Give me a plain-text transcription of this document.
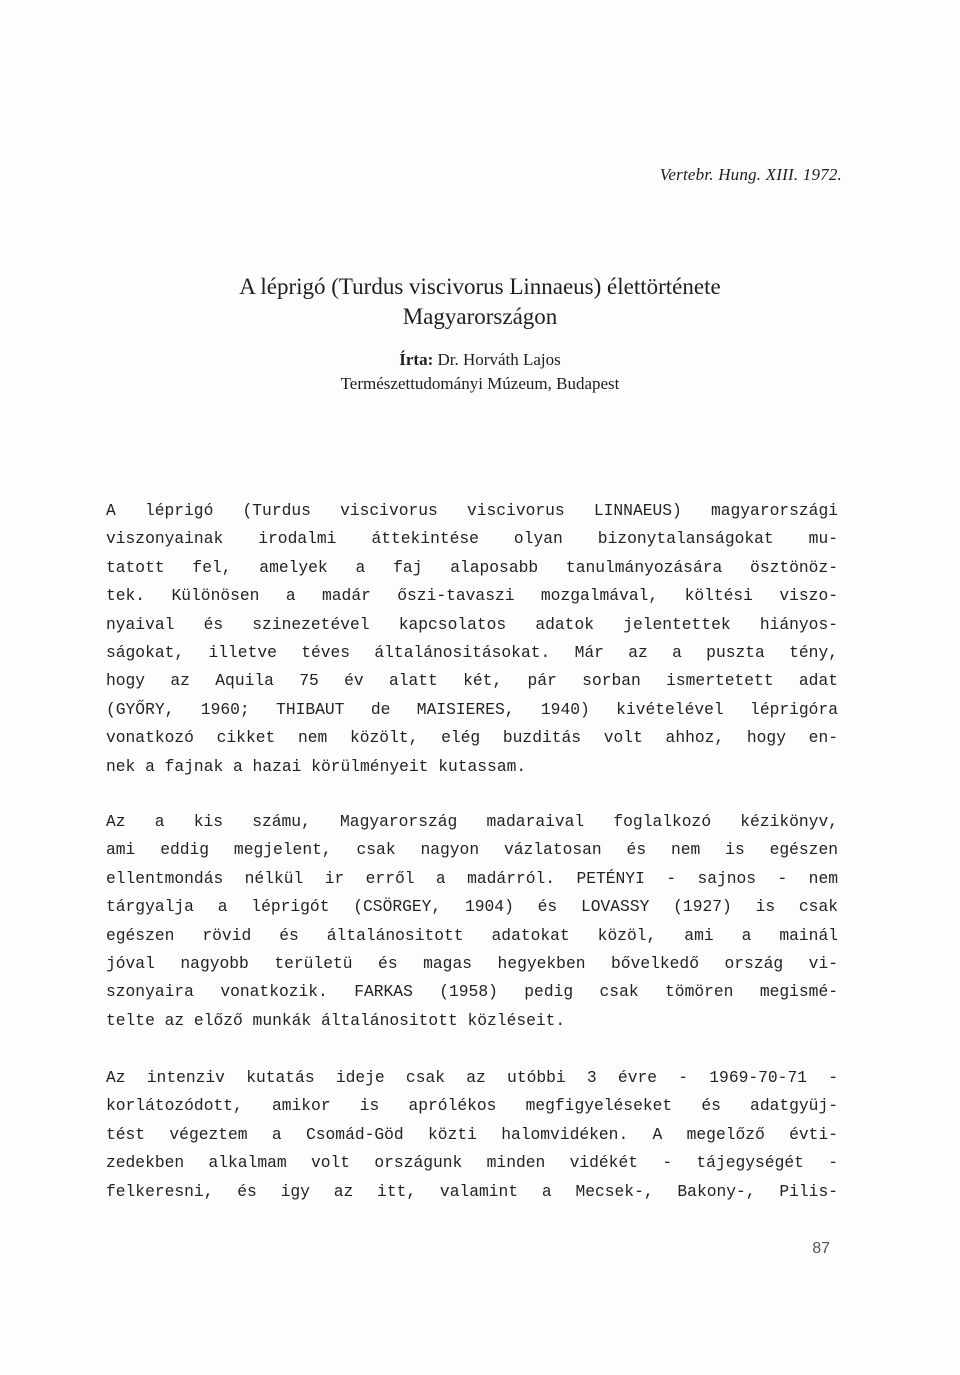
Vertebr. Hung. XIII. 1972.

A léprigó (Turdus viscivorus Linnaeus) élettörténete

Magyarországon

Írta: Dr. Horváth Lajos
Természettudományi Múzeum, Budapest

A léprigó (Turdus viscivorus viscivorus LINNAEUS) magyarországi
viszonyainak irodalmi áttekintése olyan bizonytalanságokat mu-
tatott fel, amelyek a faj alaposabb tanulmányozására ösztönöz-
tek. Különösen a madár őszi-tavaszi mozgalmával, költési viszo-
nyaival és szinezetével kapcsolatos adatok jelentettek hiányos-
ságokat, illetve téves általánositásokat. Már az a puszta tény,
hogy az Aquila 75 év alatt két, pár sorban ismertetett adat
(GYŐRY, 1960; THIBAUT de MAISIERES, 1940) kivételével léprigóra
vonatkozó cikket nem közölt, elég buzditás volt ahhoz, hogy en-
nek a fajnak a hazai körülményeit kutassam.

Az a kis számu, Magyarország madaraival foglalkozó kézikönyv,
ami eddig megjelent, csak nagyon vázlatosan és nem is egészen
ellentmondás nélkül ir erről a madárról. PETÉNYI - sajnos - nem
tárgyalja a léprigót (CSÖRGEY, 1904) és LOVASSY (1927) is csak
egészen rövid és általánositott adatokat közöl, ami a mainál
jóval nagyobb területü és magas hegyekben bővelkedő ország vi-
szonyaira vonatkozik. FARKAS (1958) pedig csak tömören megismé-
telte az előző munkák általánositott közléseit.

Az intenziv kutatás ideje csak az utóbbi 3 évre - 1969-70-71 -
korlátozódott, amikor is aprólékos megfigyeléseket és adatgyüj-
tést végeztem a Csomád-Göd közti halomvidéken. A megelőző évti-
zedekben alkalmam volt országunk minden vidékét - tájegységét -
felkeresni, és igy az itt, valamint a Mecsek-, Bakony-, Pilis-

87
